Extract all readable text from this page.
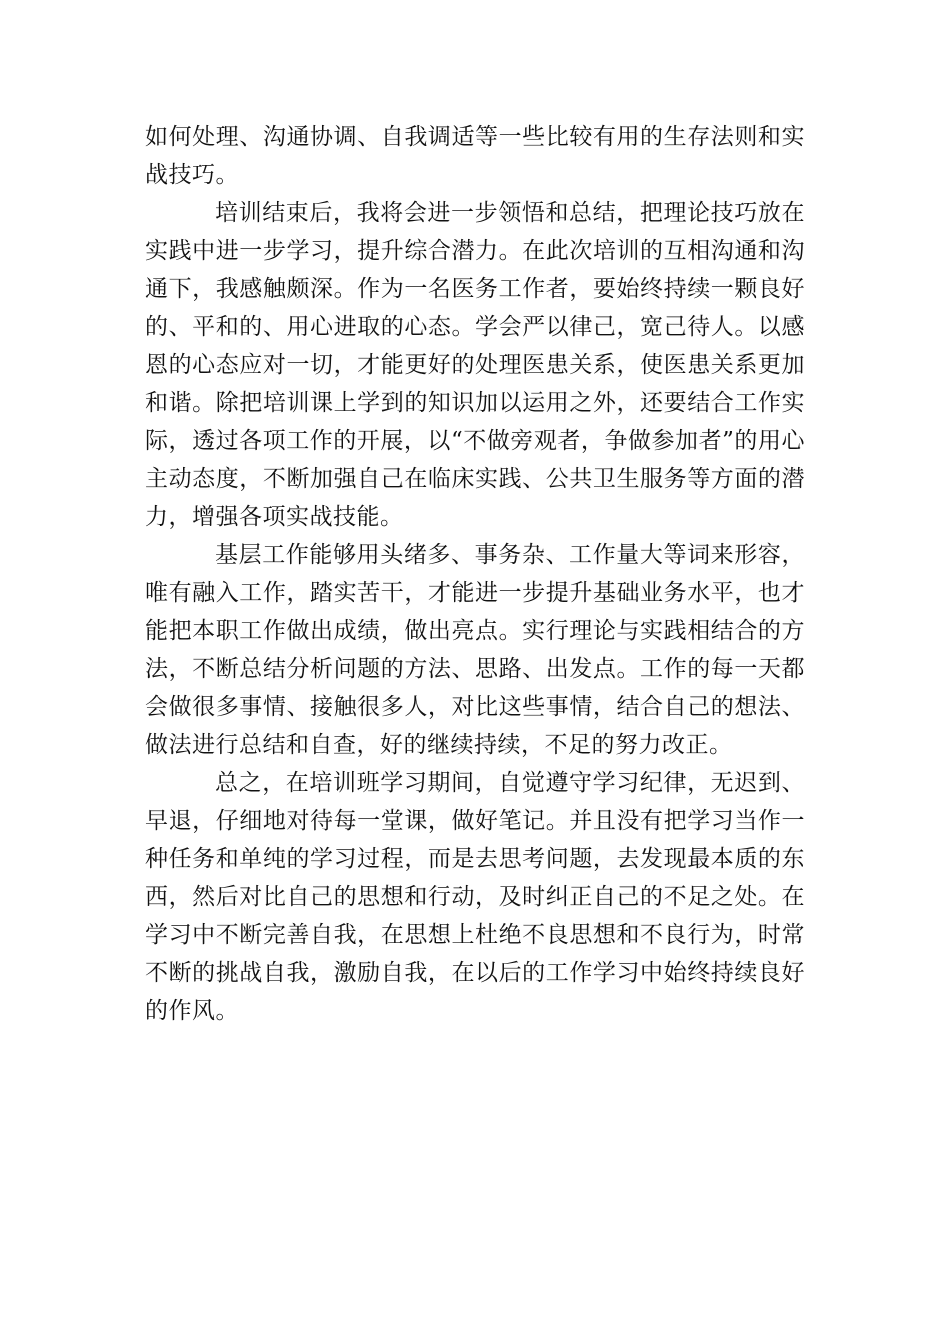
如何处理、沟通协调、自我调适等一些比较有用的生存法则和实战技巧。

培训结束后，我将会进一步领悟和总结，把理论技巧放在实践中进一步学习，提升综合潜力。在此次培训的互相沟通和沟通下，我感触颇深。作为一名医务工作者，要始终持续一颗良好的、平和的、用心进取的心态。学会严以律己，宽己待人。以感恩的心态应对一切，才能更好的处理医患关系，使医患关系更加和谐。除把培训课上学到的知识加以运用之外，还要结合工作实际，透过各项工作的开展，以“不做旁观者，争做参加者”的用心主动态度，不断加强自己在临床实践、公共卫生服务等方面的潜力，增强各项实战技能。

基层工作能够用头绪多、事务杂、工作量大等词来形容，唯有融入工作，踏实苦干，才能进一步提升基础业务水平，也才能把本职工作做出成绩，做出亮点。实行理论与实践相结合的方法，不断总结分析问题的方法、思路、出发点。工作的每一天都会做很多事情、接触很多人，对比这些事情，结合自己的想法、做法进行总结和自查，好的继续持续，不足的努力改正。

总之，在培训班学习期间，自觉遵守学习纪律，无迟到、早退，仔细地对待每一堂课，做好笔记。并且没有把学习当作一种任务和单纯的学习过程，而是去思考问题，去发现最本质的东西，然后对比自己的思想和行动，及时纠正自己的不足之处。在学习中不断完善自我，在思想上杜绝不良思想和不良行为，时常不断的挑战自我，激励自我，在以后的工作学习中始终持续良好的作风。
